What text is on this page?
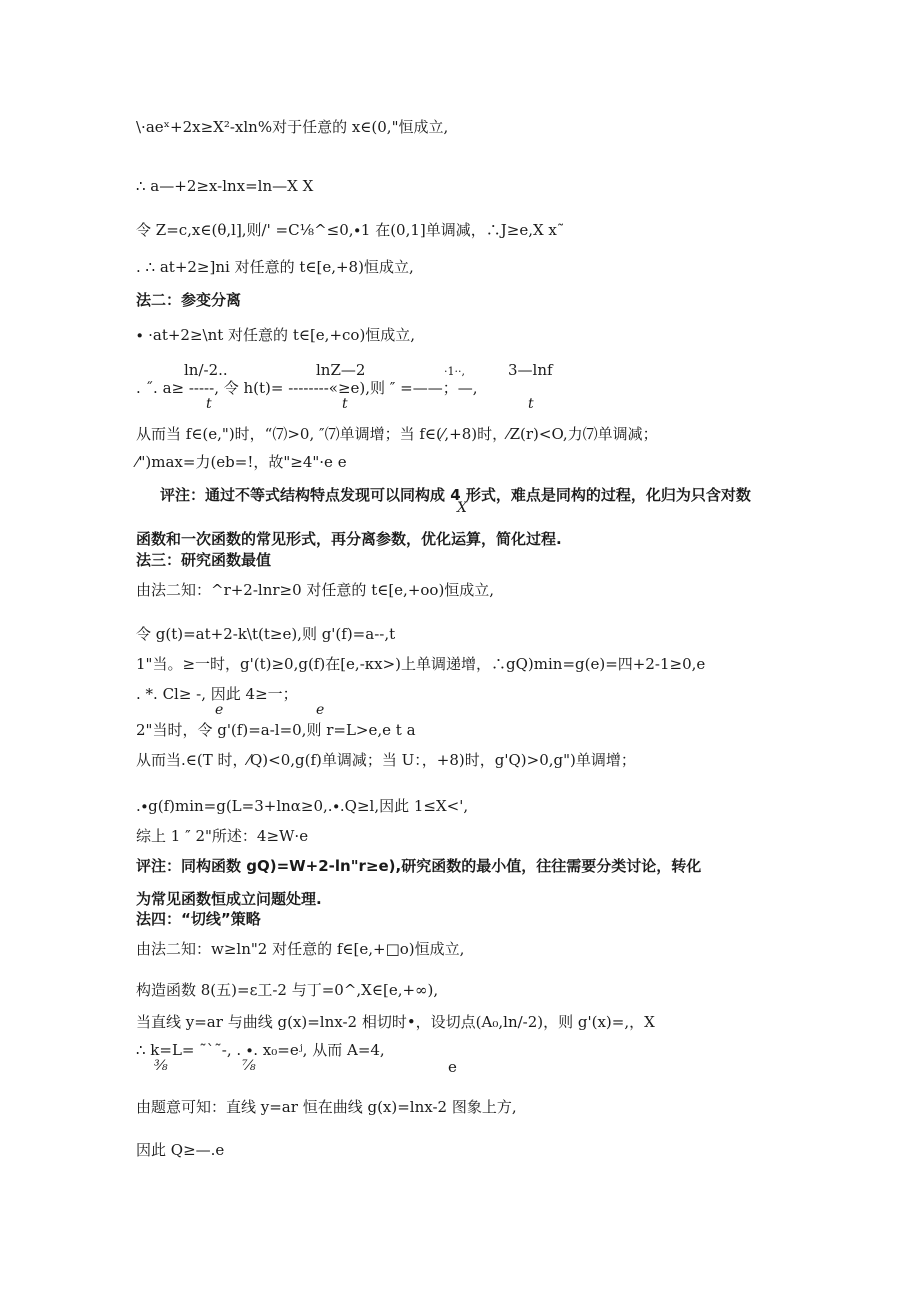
\·aeˣ+2x≥X²-xln%对于任意的 x∈(0,"恒成立,
∴ a—+2≥x-lnx=ln—X X
令 Z=c,x∈(θ,l],则/' =C⅛^≤0,∙1 在(0,1]单调减，∴J≥e,X x˜
. ∴ at+2≥]ni 对任意的 t∈[e,+8)恒成立,
法二：参变分离
∙ ·at+2≥\nt 对任意的 t∈[e,+co)恒成立,
ln/-2..	lnZ—2	·1··,	3—lnf
. ˝. a≥ -----, 令 h(t)= --------«≥e),则 ″ =——；—,
t	t	t
从而当 f∈(e,")时，“⑺>0, ″⑺单调增；当 f∈(⁄,+8)时，⁄Z(r)<O,力⑺单调减；
⁄")max=力(eb=!，故"≥4"·e e
评注：通过不等式结构特点发现可以同构成 4 形式，难点是同构的过程，化归为只含对数
X
函数和一次函数的常见形式，再分离参数，优化运算，简化过程.
法三：研究函数最值
由法二知：^r+2-lnr≥0 对任意的 t∈[e,+oo)恒成立,
令 g(t)=at+2-k\t(t≥e),则 g'(f)=a--,t
1"当。≥一时，g'(t)≥0,g(f)在[e,-κx>)上单调递增，∴gQ)min=g(e)=四+2-1≥0,e
. *. Cl≥ -, 因此 4≥一；
e	e
2"当时，令 g'(f)=a-l=0,则 r=L>e,e t a
从而当.∈(T 时，⁄Q)<0,g(f)单调减；当 U：，+8)时，g'Q)>0,g")单调增；
.∙g(f)min=g(L=3+lnα≥0,.∙.Q≥l,因此 1≤X<',
综上 1 ″ 2"所述：4≥W·e
评注：同构函数 gQ)=W+2-ln"r≥e),研究函数的最小值，往往需要分类讨论，转化
为常见函数恒成立问题处理.
法四：“切线”策略
由法二知：w≥ln"2 对任意的 f∈[e,+□o)恒成立,
构造函数 8(五)=ε工-2 与丁=0^,X∈[e,+∞),
当直线 y=ar 与曲线 g(x)=lnx-2 相切时•，设切点(A₀,ln/-2)，则 g'(x)=,，X
∴ k=L= ˜`˜-, . ∙. x₀=eʲ, 从而 A=4,
⅜	⅞	e
由题意可知：直线 y=ar 恒在曲线 g(x)=lnx-2 图象上方,
因此 Q≥—.e
